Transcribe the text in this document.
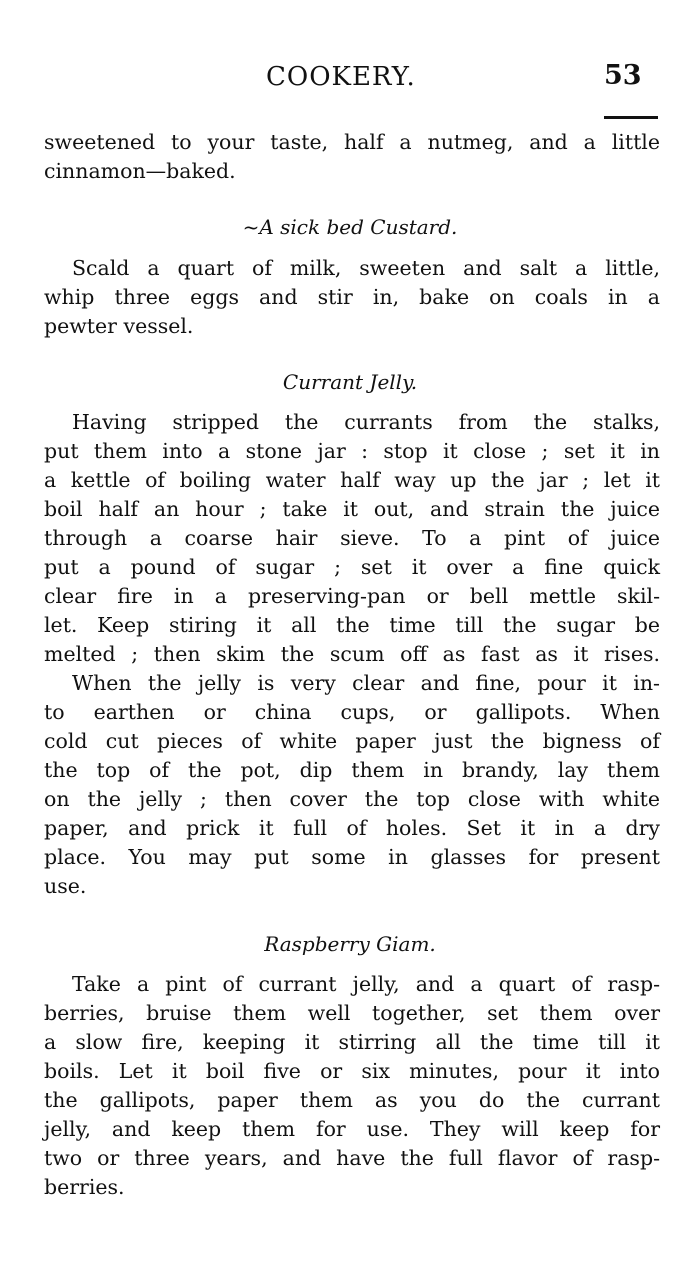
COOKERY.	53
sweetened to your taste, half a nutmeg, and a little
cinnamon—baked.
~A sick bed Custard.
Scald a quart of milk, sweeten and salt a little,
whip three eggs and stir in, bake on coals in a
pewter vessel.
Currant Jelly.
Having stripped the currants from the stalks,
put them into a stone jar : stop it close ; set it in
a kettle of boiling water half way up the jar ; let it
boil half an hour ; take it out, and strain the juice
through a coarse hair sieve. To a pint of juice
put a pound of sugar ; set it over a fine quick
clear fire in a preserving-pan or bell mettle skil-
let. Keep stiring it all the time till the sugar be
melted ; then skim the scum off as fast as it rises.
When the jelly is very clear and fine, pour it in-
to earthen or china cups, or gallipots. When
cold cut pieces of white paper just the bigness of
the top of the pot, dip them in brandy, lay them
on the jelly ; then cover the top close with white
paper, and prick it full of holes. Set it in a dry
place. You may put some in glasses for present
use.
Raspberry Giam.
Take a pint of currant jelly, and a quart of rasp-
berries, bruise them well together, set them over
a slow fire, keeping it stirring all the time till it
boils. Let it boil five or six minutes, pour it into
the gallipots, paper them as you do the currant
jelly, and keep them for use. They will keep for
two or three years, and have the full flavor of rasp-
berries.
